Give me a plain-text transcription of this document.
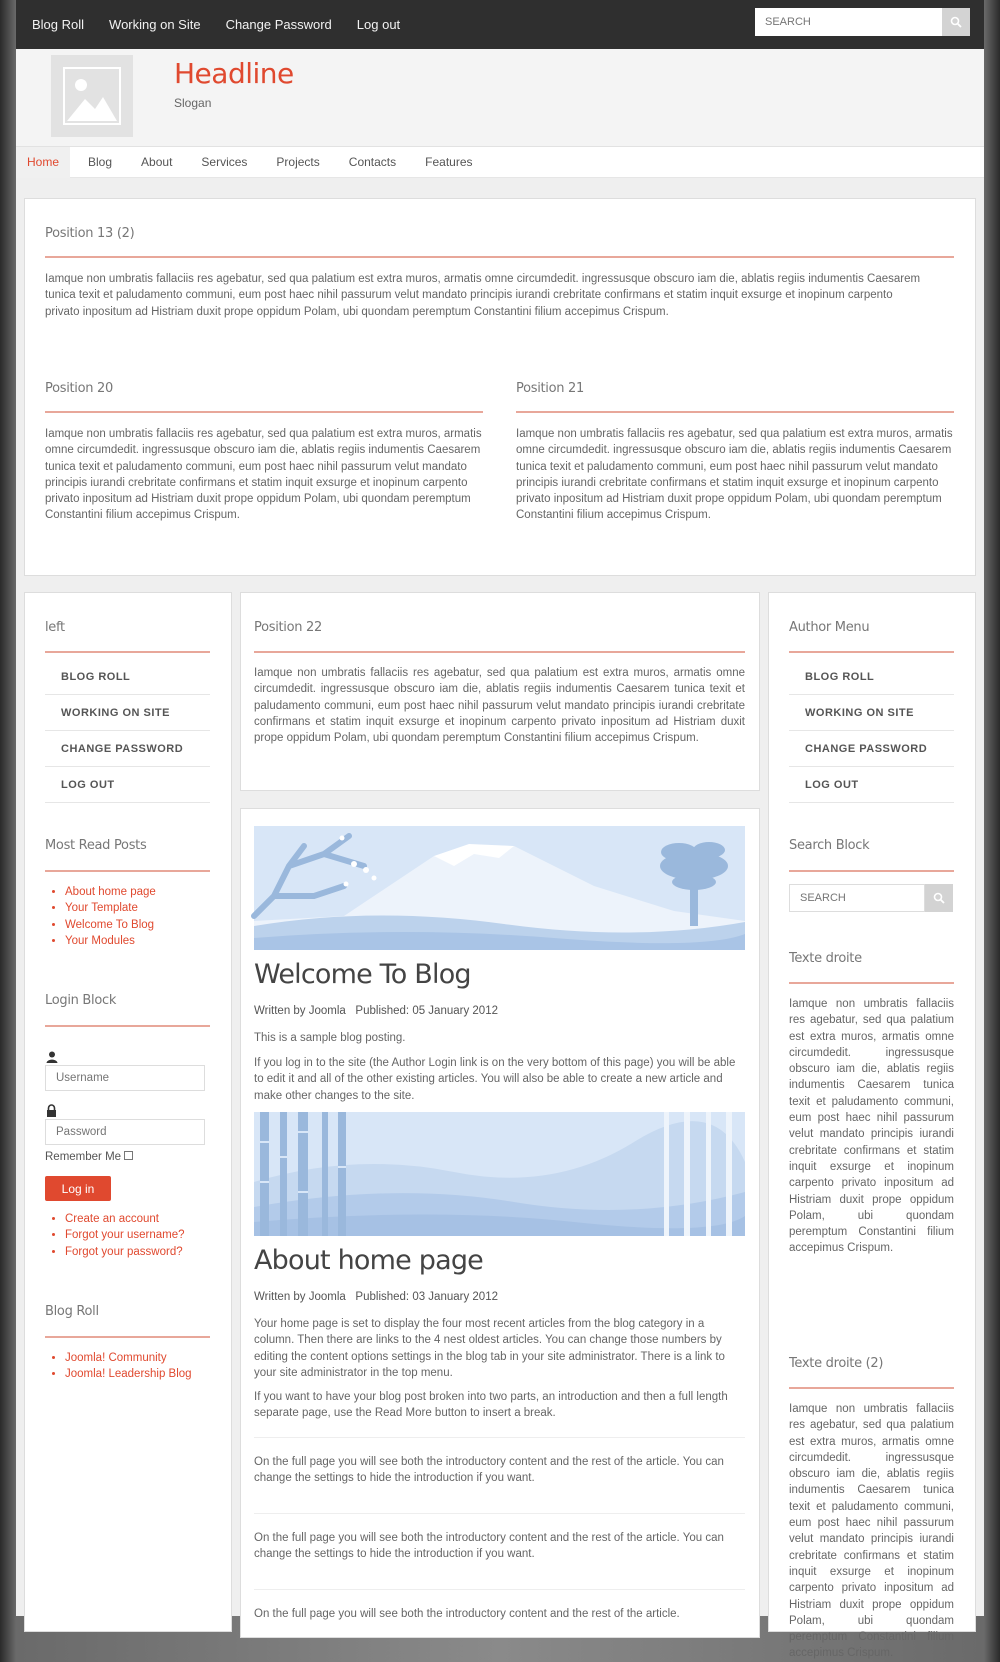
Blog Roll Working on Site Change Password Log out
SEARCH
Headline
Slogan
Home	Blog	About	Services	Projects	Contacts	Features
Position 13 (2)
Iamque non umbratis fallaciis res agebatur, sed qua palatium est extra muros, armatis omne circumdedit. ingressusque obscuro iam die, ablatis regiis indumentis Caesarem tunica texit et paludamento communi, eum post haec nihil passurum velut mandato principis iurandi crebritate confirmans et statim inquit exsurge et inopinum carpento privato inpositum ad Histriam duxit prope oppidum Polam, ubi quondam peremptum Constantini filium accepimus Crispum.
Position 20
Iamque non umbratis fallaciis res agebatur, sed qua palatium est extra muros, armatis omne circumdedit. ingressusque obscuro iam die, ablatis regiis indumentis Caesarem tunica texit et paludamento communi, eum post haec nihil passurum velut mandato principis iurandi crebritate confirmans et statim inquit exsurge et inopinum carpento privato inpositum ad Histriam duxit prope oppidum Polam, ubi quondam peremptum Constantini filium accepimus Crispum.
Position 21
Iamque non umbratis fallaciis res agebatur, sed qua palatium est extra muros, armatis omne circumdedit. ingressusque obscuro iam die, ablatis regiis indumentis Caesarem tunica texit et paludamento communi, eum post haec nihil passurum velut mandato principis iurandi crebritate confirmans et statim inquit exsurge et inopinum carpento privato inpositum ad Histriam duxit prope oppidum Polam, ubi quondam peremptum Constantini filium accepimus Crispum.
left
BLOG ROLL
WORKING ON SITE
CHANGE PASSWORD
LOG OUT
Most Read Posts
• About home page
• Your Template
• Welcome To Blog
• Your Modules
Login Block
Username
Remember Me
Log in
• Create an account
• Forgot your username?
• Forgot your password?
Blog Roll
• Joomla! Community
• Joomla! Leadership Blog
Position 22
Iamque non umbratis fallaciis res agebatur, sed qua palatium est extra muros, armatis omne circumdedit. ingressusque obscuro iam die, ablatis regiis indumentis Caesarem tunica texit et paludamento communi, eum post haec nihil passurum velut mandato principis iurandi crebritate confirmans et statim inquit exsurge et inopinum carpento privato inpositum ad Histriam duxit prope oppidum Polam, ubi quondam peremptum Constantini filium accepimus Crispum.
Welcome To Blog
Written by Joomla Published: 05 January 2012
This is a sample blog posting.
If you log in to the site (the Author Login link is on the very bottom of this page) you will be able to edit it and all of the other existing articles. You will also be able to create a new article and make other changes to the site.
About home page
Written by Joomla Published: 03 January 2012
Your home page is set to display the four most recent articles from the blog category in a column. Then there are links to the 4 nest oldest articles. You can change those numbers by editing the content options settings in the blog tab in your site administrator. There is a link to your site administrator in the top menu.
If you want to have your blog post broken into two parts, an introduction and then a full length separate page, use the Read More button to insert a break.
On the full page you will see both the introductory content and the rest of the article. You can change the settings to hide the introduction if you want.
On the full page you will see both the introductory content and the rest of the article. You can change the settings to hide the introduction if you want.
On the full page you will see both the introductory content and the rest of the article.
Author Menu
BLOG ROLL
WORKING ON SITE
CHANGE PASSWORD
LOG OUT
Search Block
SEARCH
Texte droite
Iamque non umbratis fallaciis res agebatur, sed qua palatium est extra muros, armatis omne circumdedit. ingressusque obscuro iam die, ablatis regiis indumentis Caesarem tunica texit et paludamento communi, eum post haec nihil passurum velut mandato principis iurandi crebritate confirmans et statim inquit exsurge et inopinum carpento privato inpositum ad Histriam duxit prope oppidum Polam, ubi quondam peremptum Constantini filium accepimus Crispum.
Texte droite (2)
Iamque non umbratis fallaciis res agebatur, sed qua palatium est extra muros, armatis omne circumdedit. ingressusque obscuro iam die, ablatis regiis indumentis Caesarem tunica texit et paludamento communi, eum post haec nihil passurum velut mandato principis iurandi crebritate confirmans et statim inquit exsurge et inopinum carpento privato inpositum ad Histriam duxit prope oppidum Polam, ubi quondam peremptum Constantini filium accepimus Crispum.
